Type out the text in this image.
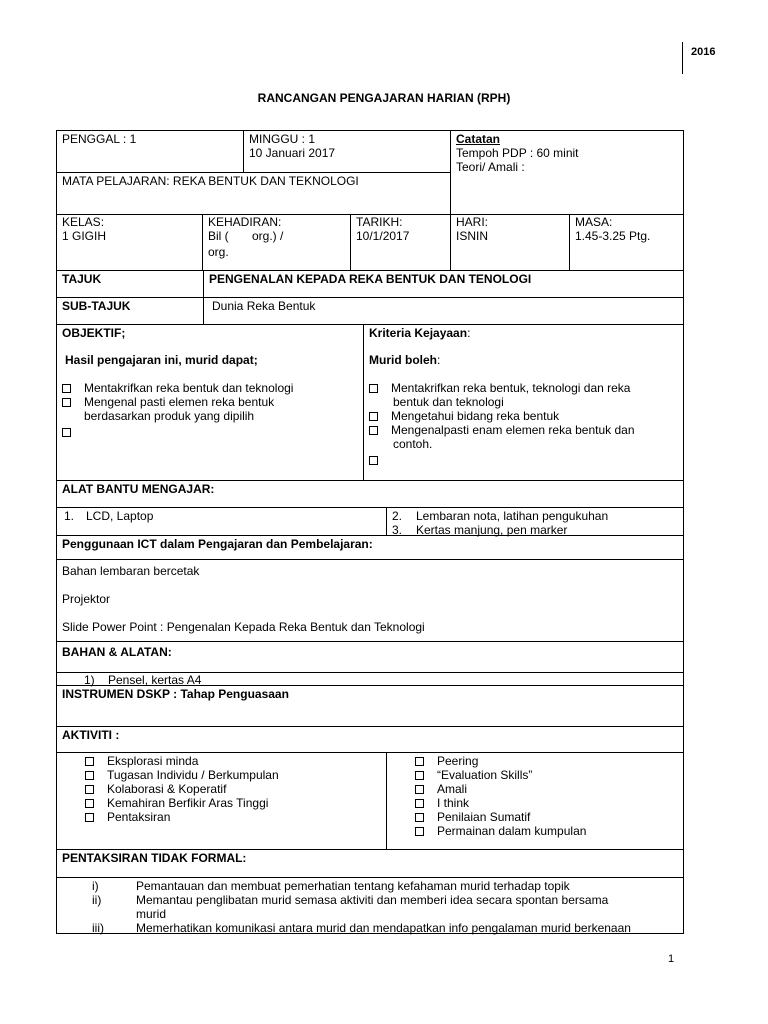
2016
RANCANGAN PENGAJARAN HARIAN (RPH)
PENGGAL : 1	MINGGU : 1
10 Januari 2017
Catatan
Tempoh PDP : 60 minit
Teori/ Amali :
MATA PELAJARAN: REKA BENTUK DAN TEKNOLOGI
KELAS:
1 GIGIH
KEHADIRAN:
Bil (       org.) /
org.
TARIKH:
10/1/2017
HARI:
ISNIN
MASA:
1.45-3.25 Ptg.
TAJUK	PENGENALAN KEPADA REKA BENTUK DAN TENOLOGI
SUB-TAJUK	Dunia Reka Bentuk
OBJEKTIF;
Hasil pengajaran ini, murid dapat;
Mentakrifkan reka bentuk dan teknologi
Mengenal pasti elemen reka bentuk
berdasarkan produk yang dipilih
Kriteria Kejayaan:
Murid boleh:
Mentakrifkan reka bentuk, teknologi dan reka
bentuk dan teknologi
Mengetahui bidang reka bentuk
Mengenalpasti enam elemen reka bentuk dan
contoh.
ALAT BANTU MENGAJAR:
1. LCD, Laptop	2. Lembaran nota, latihan pengukuhan
3. Kertas manjung, pen marker
Penggunaan ICT dalam Pengajaran dan Pembelajaran:
Bahan lembaran bercetak
Projektor
Slide Power Point : Pengenalan Kepada Reka Bentuk dan Teknologi
BAHAN & ALATAN:
1) Pensel, kertas A4
INSTRUMEN DSKP : Tahap Penguasaan
AKTIVITI :
Eksplorasi minda
Tugasan Individu / Berkumpulan
Kolaborasi & Koperatif
Kemahiran Berfikir Aras Tinggi
Pentaksiran
Peering
“Evaluation Skills”
Amali
I think
Penilaian Sumatif
Permainan dalam kumpulan
PENTAKSIRAN TIDAK FORMAL:
i)	Pemantauan dan membuat pemerhatian tentang kefahaman murid terhadap topik
ii)	Memantau penglibatan murid semasa aktiviti dan memberi idea secara spontan bersama
murid
iii)	Memerhatikan komunikasi antara murid dan mendapatkan info pengalaman murid berkenaan
1
